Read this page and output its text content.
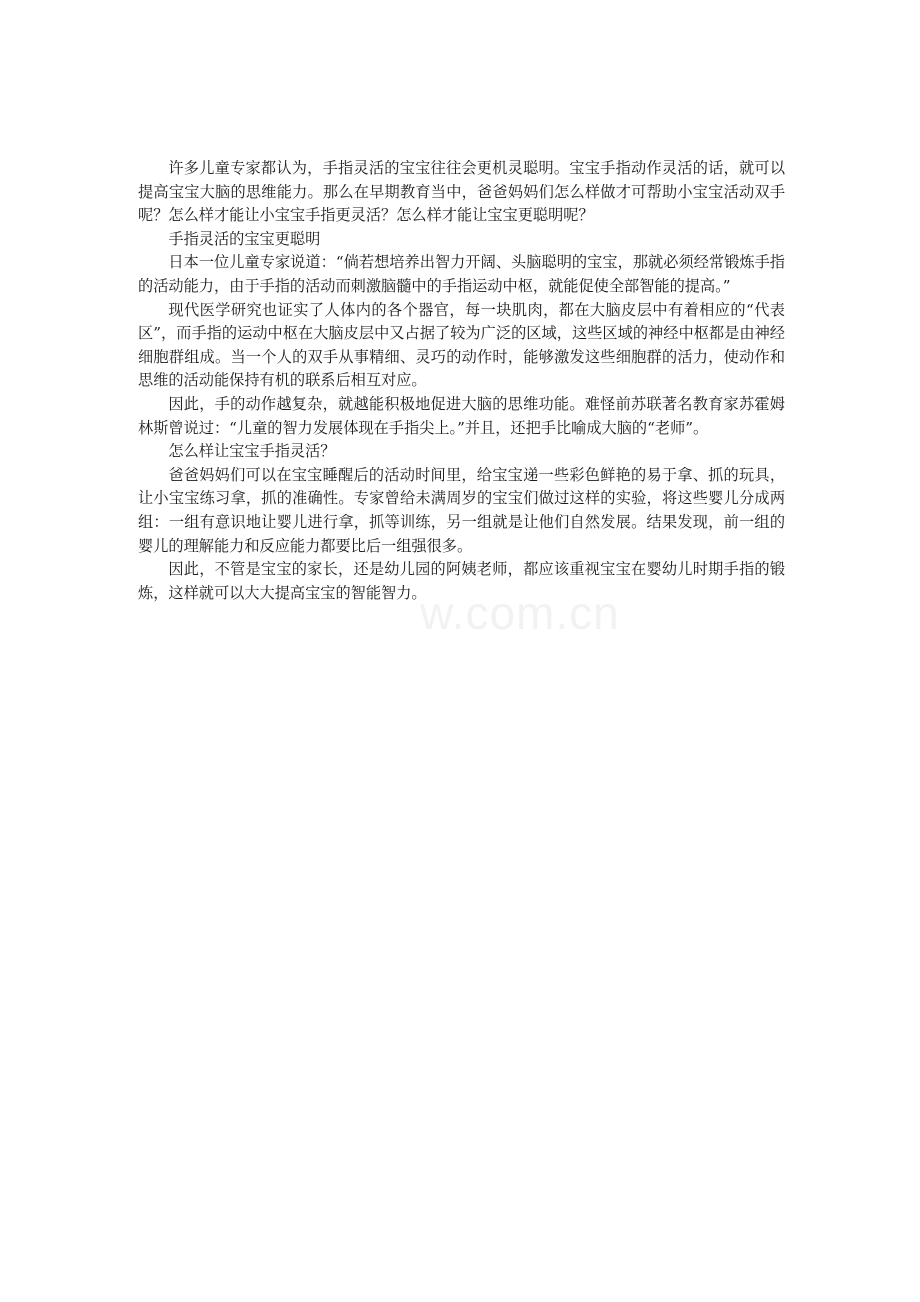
许多儿童专家都认为，手指灵活的宝宝往往会更机灵聪明。宝宝手指动作灵活的话，就可以提高宝宝大脑的思维能力。那么在早期教育当中，爸爸妈妈们怎么样做才可帮助小宝宝活动双手呢？怎么样才能让小宝宝手指更灵活？怎么样才能让宝宝更聪明呢？

手指灵活的宝宝更聪明

日本一位儿童专家说道：“倘若想培养出智力开阔、头脑聪明的宝宝，那就必须经常锻炼手指的活动能力，由于手指的活动而刺激脑髓中的手指运动中枢，就能促使全部智能的提高。”

现代医学研究也证实了人体内的各个器官，每一块肌肉，都在大脑皮层中有着相应的“代表区”，而手指的运动中枢在大脑皮层中又占据了较为广泛的区域，这些区域的神经中枢都是由神经细胞群组成。当一个人的双手从事精细、灵巧的动作时，能够激发这些细胞群的活力，使动作和思维的活动能保持有机的联系后相互对应。

因此，手的动作越复杂，就越能积极地促进大脑的思维功能。难怪前苏联著名教育家苏霍姆林斯曾说过：“儿童的智力发展体现在手指尖上。”并且，还把手比喻成大脑的“老师”。

怎么样让宝宝手指灵活？

爸爸妈妈们可以在宝宝睡醒后的活动时间里，给宝宝递一些彩色鲜艳的易于拿、抓的玩具，让小宝宝练习拿，抓的准确性。专家曾给未满周岁的宝宝们做过这样的实验，将这些婴儿分成两组：一组有意识地让婴儿进行拿，抓等训练，另一组就是让他们自然发展。结果发现，前一组的婴儿的理解能力和反应能力都要比后一组强很多。

因此，不管是宝宝的家长，还是幼儿园的阿姨老师，都应该重视宝宝在婴幼儿时期手指的锻炼，这样就可以大大提高宝宝的智能智力。

w.com.cn
